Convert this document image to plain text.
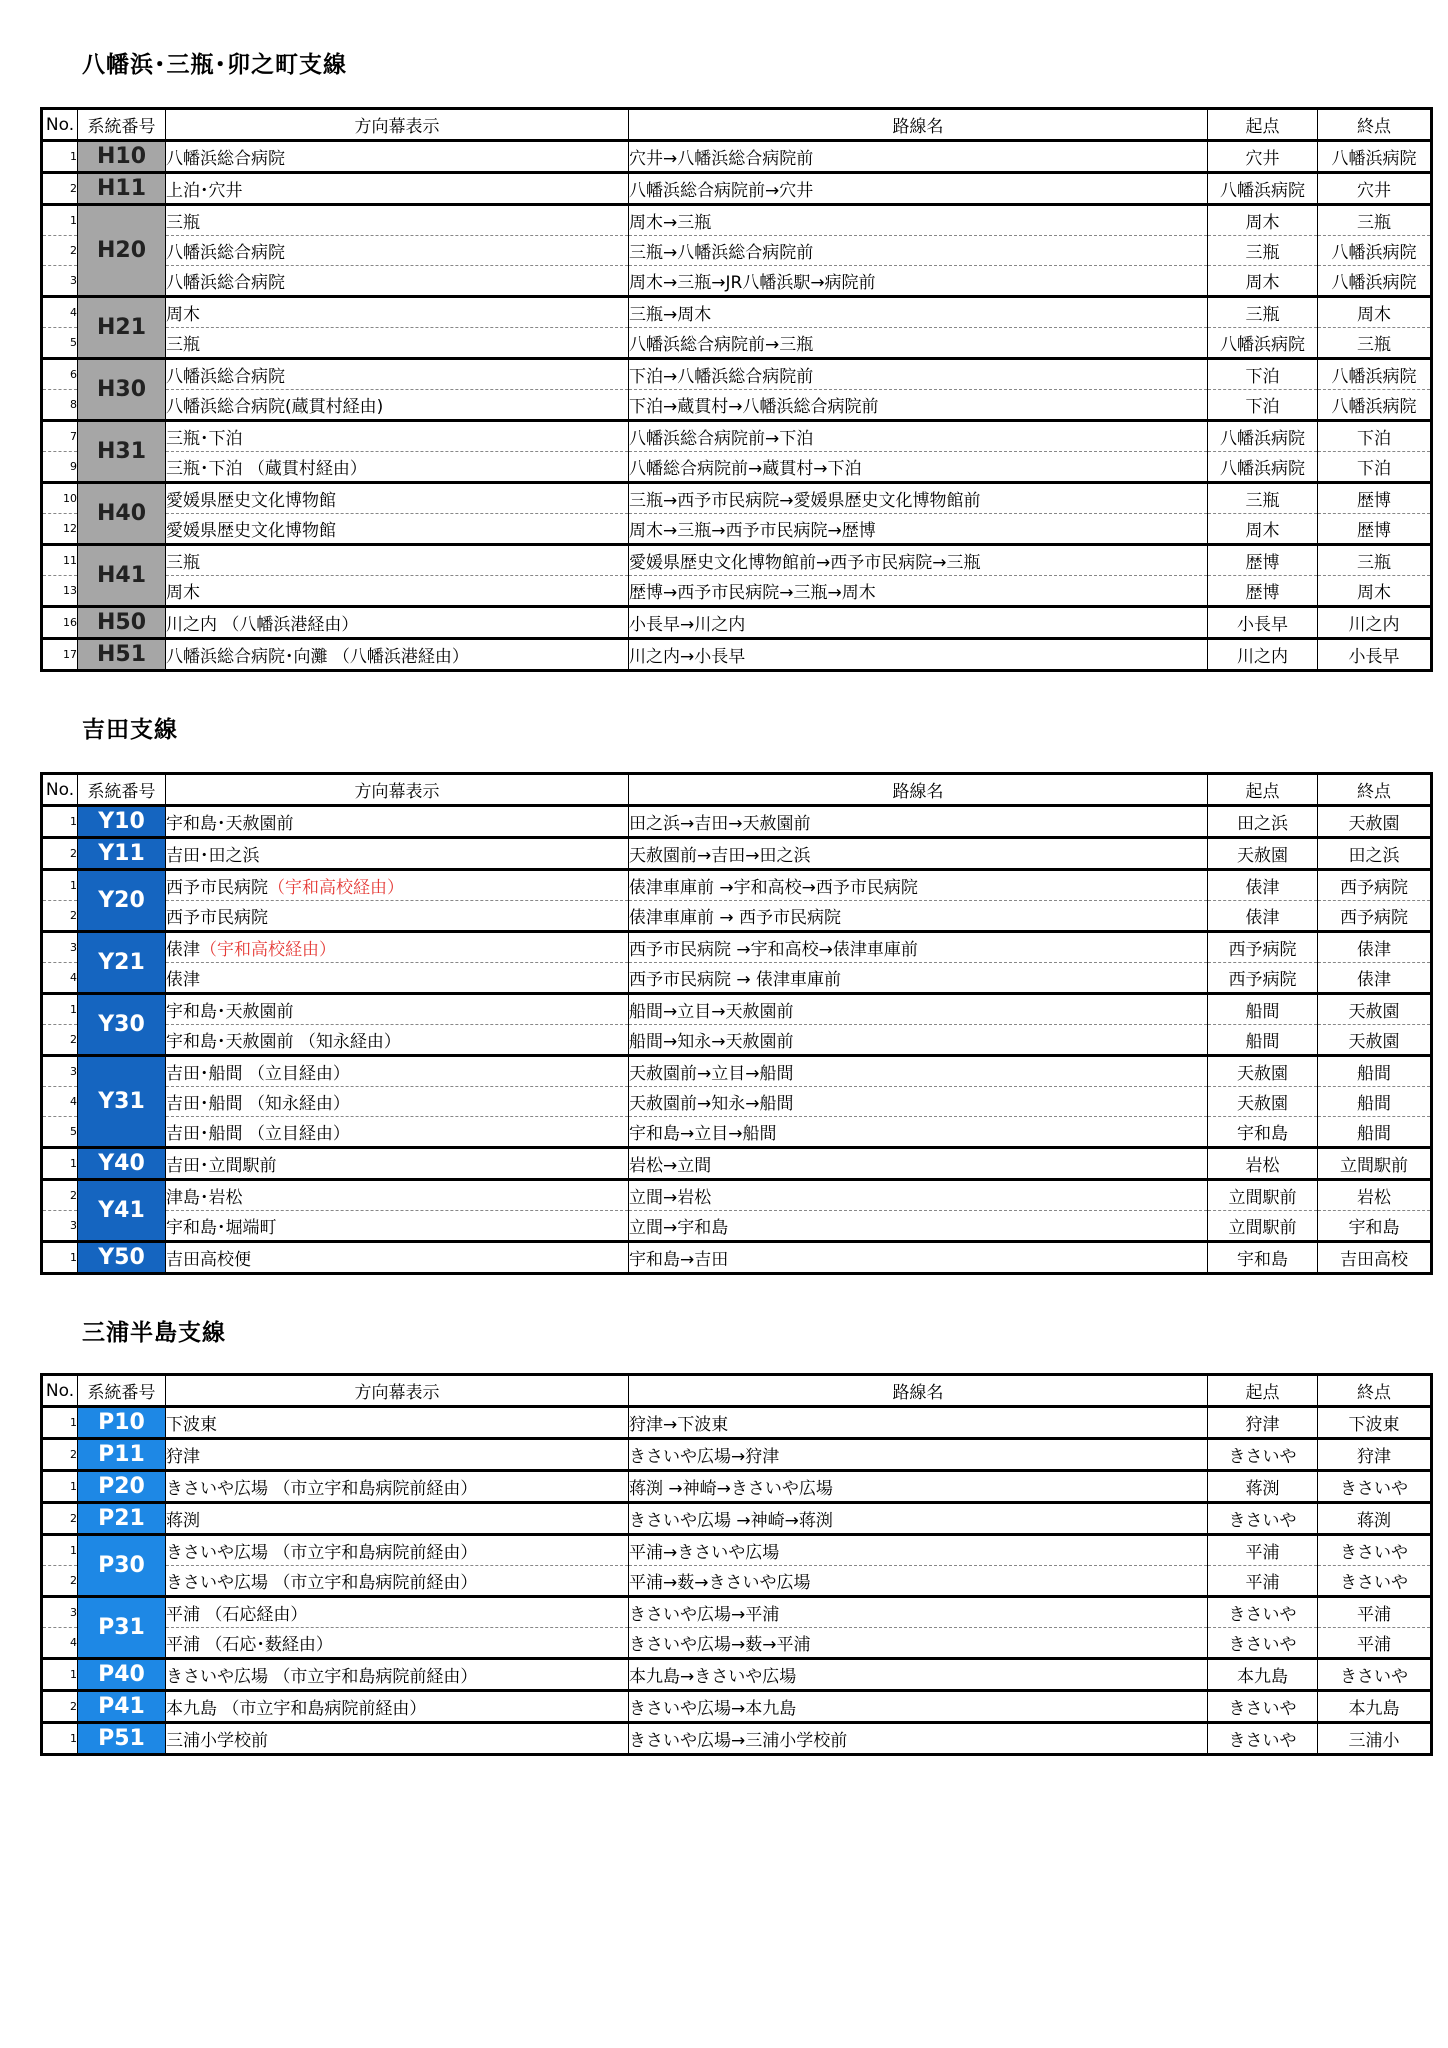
八幡浜･三瓶･卯之町支線
No.	系統番号	方向幕表示	路線名	起点	終点
1	H10	八幡浜総合病院	穴井→八幡浜総合病院前	穴井	八幡浜病院
2	H11	上泊･穴井	八幡浜総合病院前→穴井	八幡浜病院	穴井
1	H20	三瓶	周木→三瓶	周木	三瓶
2		八幡浜総合病院	三瓶→八幡浜総合病院前	三瓶	八幡浜病院
3		八幡浜総合病院	周木→三瓶→JR八幡浜駅→病院前	周木	八幡浜病院
4	H21	周木	三瓶→周木	三瓶	周木
5		三瓶	八幡浜総合病院前→三瓶	八幡浜病院	三瓶
6	H30	八幡浜総合病院	下泊→八幡浜総合病院前	下泊	八幡浜病院
8		八幡浜総合病院(蔵貫村経由)	下泊→蔵貫村→八幡浜総合病院前	下泊	八幡浜病院
7	H31	三瓶･下泊	八幡浜総合病院前→下泊	八幡浜病院	下泊
9		三瓶･下泊 （蔵貫村経由）	八幡総合病院前→蔵貫村→下泊	八幡浜病院	下泊
10	H40	愛媛県歴史文化博物館	三瓶→西予市民病院→愛媛県歴史文化博物館前	三瓶	歴博
12		愛媛県歴史文化博物館	周木→三瓶→西予市民病院→歴博	周木	歴博
11	H41	三瓶	愛媛県歴史文化博物館前→西予市民病院→三瓶	歴博	三瓶
13		周木	歴博→西予市民病院→三瓶→周木	歴博	周木
16	H50	川之内 （八幡浜港経由）	小長早→川之内	小長早	川之内
17	H51	八幡浜総合病院･向灘 （八幡浜港経由）	川之内→小長早	川之内	小長早
吉田支線
No.	系統番号	方向幕表示	路線名	起点	終点
1	Y10	宇和島･天赦園前	田之浜→吉田→天赦園前	田之浜	天赦園
2	Y11	吉田･田之浜	天赦園前→吉田→田之浜	天赦園	田之浜
1	Y20	西予市民病院（宇和高校経由）	俵津車庫前 →宇和高校→西予市民病院	俵津	西予病院
2		西予市民病院	俵津車庫前 → 西予市民病院	俵津	西予病院
3	Y21	俵津（宇和高校経由）	西予市民病院 →宇和高校→俵津車庫前	西予病院	俵津
4		俵津	西予市民病院 → 俵津車庫前	西予病院	俵津
1	Y30	宇和島･天赦園前	船間→立目→天赦園前	船間	天赦園
2		宇和島･天赦園前 （知永経由）	船間→知永→天赦園前	船間	天赦園
3	Y31	吉田･船間 （立目経由）	天赦園前→立目→船間	天赦園	船間
4		吉田･船間 （知永経由）	天赦園前→知永→船間	天赦園	船間
5		吉田･船間 （立目経由）	宇和島→立目→船間	宇和島	船間
1	Y40	吉田･立間駅前	岩松→立間	岩松	立間駅前
2	Y41	津島･岩松	立間→岩松	立間駅前	岩松
3		宇和島･堀端町	立間→宇和島	立間駅前	宇和島
1	Y50	吉田高校便	宇和島→吉田	宇和島	吉田高校
三浦半島支線
No.	系統番号	方向幕表示	路線名	起点	終点
1	P10	下波東	狩津→下波東	狩津	下波東
2	P11	狩津	きさいや広場→狩津	きさいや	狩津
1	P20	きさいや広場 （市立宇和島病院前経由）	蒋渕 →神崎→きさいや広場	蒋渕	きさいや
2	P21	蒋渕	きさいや広場 →神崎→蒋渕	きさいや	蒋渕
1	P30	きさいや広場 （市立宇和島病院前経由）	平浦→きさいや広場	平浦	きさいや
2		きさいや広場 （市立宇和島病院前経由）	平浦→薮→きさいや広場	平浦	きさいや
3	P31	平浦 （石応経由）	きさいや広場→平浦	きさいや	平浦
4		平浦 （石応･薮経由）	きさいや広場→薮→平浦	きさいや	平浦
1	P40	きさいや広場 （市立宇和島病院前経由）	本九島→きさいや広場	本九島	きさいや
2	P41	本九島 （市立宇和島病院前経由）	きさいや広場→本九島	きさいや	本九島
1	P51	三浦小学校前	きさいや広場→三浦小学校前	きさいや	三浦小
